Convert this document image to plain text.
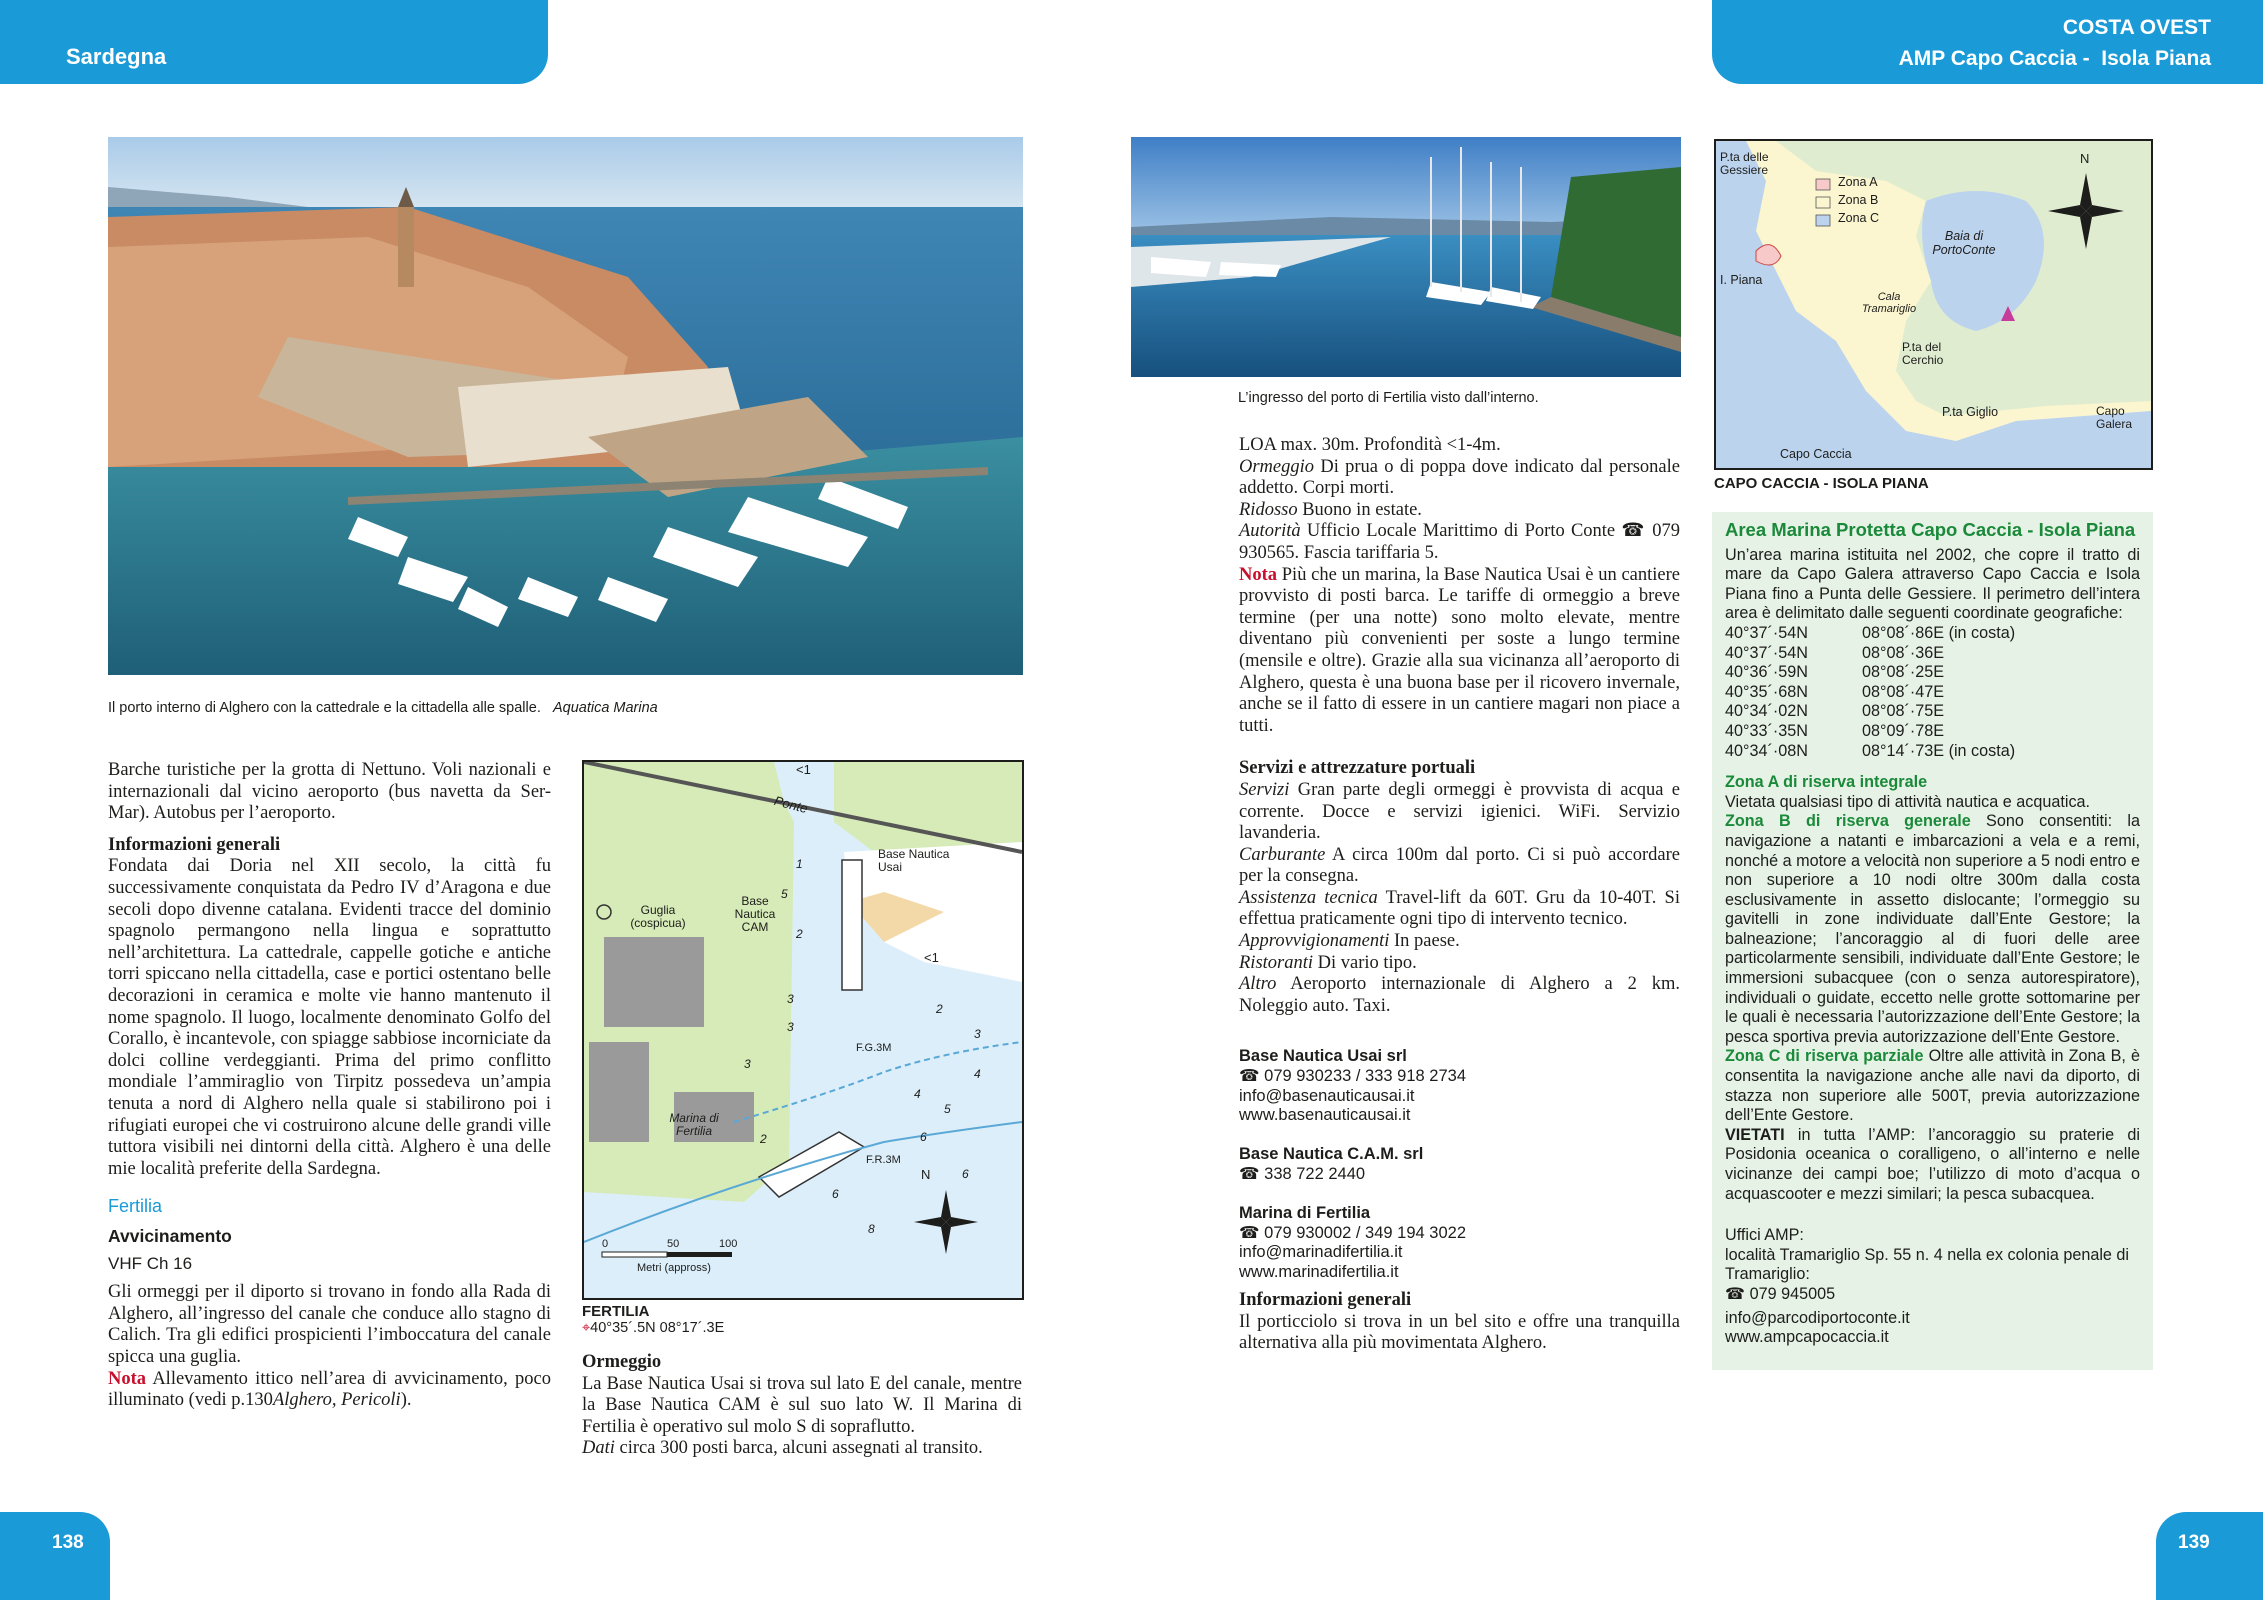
Sardegna
COSTA OVEST
AMP Capo Caccia -  Isola Piana
Il porto interno di Alghero con la cattedrale e la cittadella alle spalle. Aquatica Marina
L’ingresso del porto di Fertilia visto dall’interno.

Barche turistiche per la grotta di Nettuno. Voli nazionali e internazionali dal vicino aeroporto (bus navetta da Ser-Mar). Autobus per l’aeroporto.

Informazioni generali

Fondata dai Doria nel XII secolo, la città fu successivamente conquistata da Pedro IV d’Aragona e due secoli dopo divenne catalana. Evidenti tracce del dominio spagnolo permangono nella lingua e soprattutto nell’architettura. La cattedrale, cappelle gotiche e antiche torri spiccano nella cittadella, case e portici ostentano belle decorazioni in ceramica e molte vie hanno mantenuto il nome spagnolo. Il luogo, localmente denominato Golfo del Corallo, è incantevole, con spiagge sabbiose incorniciate da dolci colline verdeggianti. Prima del primo conflitto mondiale l’ammiraglio von Tirpitz possedeva un’ampia tenuta a nord di Alghero nella quale si stabilirono poi i rifugiati europei che vi costruirono alcune delle grandi ville tuttora visibili nei dintorni della città. Alghero è una delle mie località preferite della Sardegna.

Fertilia
Avvicinamento
VHF Ch 16

Gli ormeggi per il diporto si trovano in fondo alla Rada di Alghero, all’ingresso del canale che conduce allo stagno di Calich. Tra gli edifici prospicienti l’imboccatura del canale spicca una guglia.

Nota Allevamento ittico nell’area di avvicinamento, poco illuminato (vedi p.130Alghero, Pericoli).

<1
Ponte
Base Nautica Usai
Guglia (cospicua)
Base Nautica CAM
<1
F.G.3M
Marina di Fertilia
F.R.3M
N
Metri (appross)
1
5
2
3
3
2
3
4
5
4
6
6
6
8
2
3
0	50	100
FERTILIA
⌖40°35´.5N 08°17´.3E
Ormeggio

La Base Nautica Usai si trova sul lato E del canale, mentre la Base Nautica CAM è sul suo lato W. Il Marina di Fertilia è operativo sul molo S di sopraflutto.

Dati circa 300 posti barca, alcuni assegnati al transito.

LOA max. 30m. Profondità <1-4m.

Ormeggio Di prua o di poppa dove indicato dal personale addetto. Corpi morti.

Ridosso Buono in estate.

Autorità Ufficio Locale Marittimo di Porto Conte ☎ 079 930565. Fascia tariffaria 5.

Nota Più che un marina, la Base Nautica Usai è un cantiere provvisto di posti barca. Le tariffe di ormeggio a breve termine (per una notte) sono molto elevate, mentre diventano più convenienti per soste a lungo termine (mensile e oltre). Grazie alla sua vicinanza all’aeroporto di Alghero, questa è una buona base per il ricovero invernale, anche se il fatto di essere in un cantiere magari non piace a tutti.

Servizi e attrezzature portuali

Servizi Gran parte degli ormeggi è provvista di acqua e corrente. Docce e servizi igienici. WiFi. Servizio lavanderia.

Carburante A circa 100m dal porto. Ci si può accordare per la consegna.

Assistenza tecnica Travel-lift da 60T. Gru da 10-40T. Si effettua praticamente ogni tipo di intervento tecnico.

Approvvigionamenti In paese.

Ristoranti Di vario tipo.

Altro Aeroporto internazionale di Alghero a 2 km. Noleggio auto. Taxi.

Base Nautica Usai srl
☎ 079 930233 / 333 918 2734
info@basenauticausai.it
www.basenauticausai.it
Base Nautica C.A.M. srl
☎ 338 722 2440
Marina di Fertilia
☎ 079 930002 / 349 194 3022
info@marinadifertilia.it
www.marinadifertilia.it
Informazioni generali

Il porticciolo si trova in un bel sito e offre una tranquilla alternativa alla più movimentata Alghero.

P.ta delle Gessiere
Zona A
Zona B
Zona C
N
Baia di PortoConte
I. Piana
Cala Tramariglio
P.ta del Cerchio
P.ta Giglio	Capo Galera
Capo Caccia
CAPO CACCIA - ISOLA PIANA
Area Marina Protetta Capo Caccia - Isola Piana
Un’area marina istituita nel 2002, che copre il tratto di mare da Capo Galera attraverso Capo Caccia e Isola Piana fino a Punta delle Gessiere. Il perimetro dell’intera area è delimitato dalle seguenti coordinate geografiche:
40°37´·54N	08°08´·86E (in costa)
40°37´·54N	08°08´·36E
40°36´·59N	08°08´·25E
40°35´·68N	08°08´·47E
40°34´·02N	08°08´·75E
40°33´·35N	08°09´·78E
40°34´·08N	08°14´·73E (in costa)
Zona A di riserva integrale
Vietata qualsiasi tipo di attività nautica e acquatica.
Zona B di riserva generale Sono consentiti: la navigazione a natanti e imbarcazioni a vela e a remi, nonché a motore a velocità non superiore a 5 nodi entro e non superiore a 10 nodi oltre 300m dalla costa esclusivamente in assetto dislocante; l’ormeggio su gavitelli in zone individuate dall’Ente Gestore; la balneazione; l’ancoraggio al di fuori delle aree particolarmente sensibili, individuate dall’Ente Gestore; le immersioni subacquee (con o senza autorespiratore), individuali o guidate, eccetto nelle grotte sottomarine per le quali è necessaria l’autorizzazione dell’Ente Gestore; la pesca sportiva previa autorizzazione dell’Ente Gestore.
Zona C di riserva parziale Oltre alle attività in Zona B, è consentita la navigazione anche alle navi da diporto, di stazza non superiore alle 500T, previa autorizzazione dell’Ente Gestore.
VIETATI in tutta l’AMP: l’ancoraggio su praterie di Posidonia oceanica o coralligeno, o all’interno e nelle vicinanze dei campi boe; l’utilizzo di moto d’acqua o acquascooter e mezzi similari; la pesca subacquea.
Uffici AMP:
località Tramariglio Sp. 55 n. 4 nella ex colonia penale di Tramariglio:
☎ 079 945005
info@parcodiportoconte.it
www.ampcapocaccia.it
138	139
